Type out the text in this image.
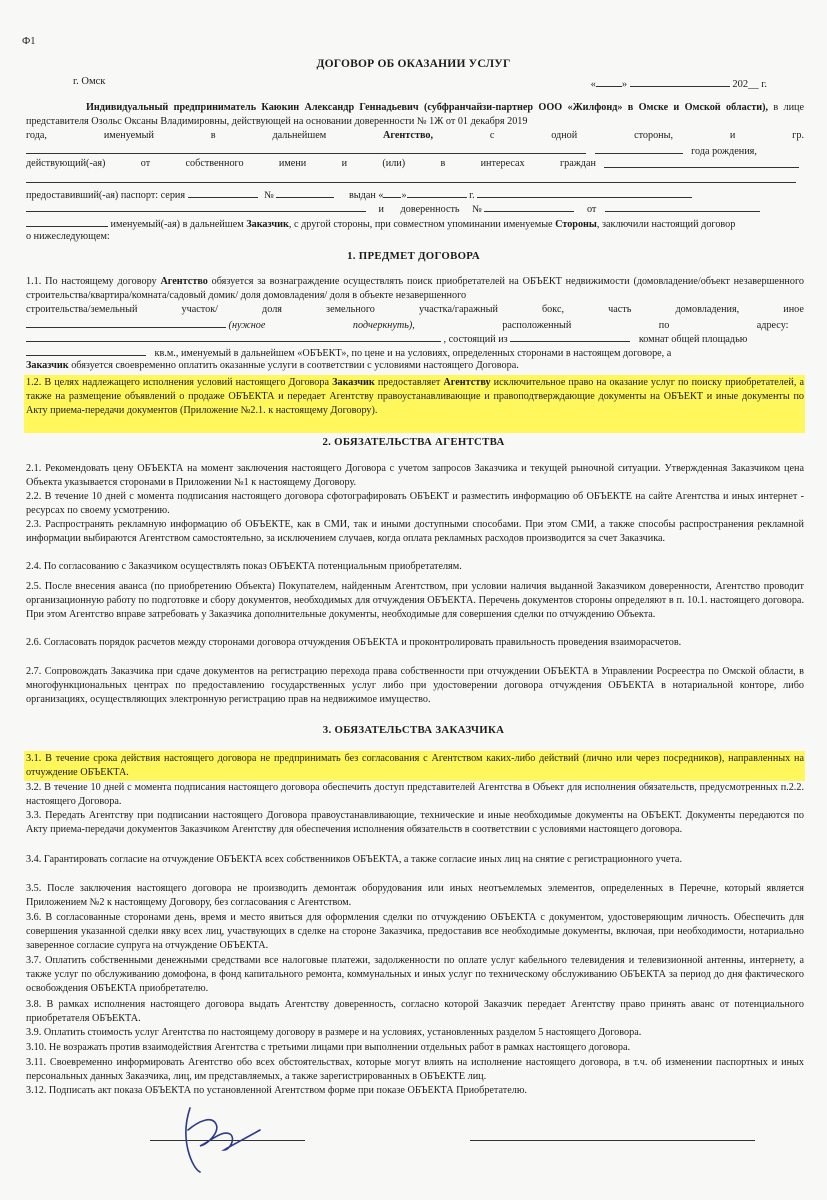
Ф1
ДОГОВОР ОБ ОКАЗАНИИ УСЛУГ
г. Омск	« »	202__ г.
Индивидуальный предприниматель Каюкин Александр Геннадьевич (субфранчайзи-партнер ООО «Жилфонд» в Омске и Омской области), в лице представителя Озольс Оксаны Владимировны, действующей на основании доверенности № 1Ж от 01 декабря 2019
года,	именуемый	в	дальнейшем	Агентство,	с	одной	стороны,	и	гр.
года рождения,
действующий(-ая)	от	собственного	имени	и	(или)	в	интересах	граждан
предоставивший(-ая) паспорт: серия	№	выдан « »	г.
и доверенность №	от
именуемый(-ая) в дальнейшем Заказчик, с другой стороны, при совместном упоминании именуемые Стороны, заключили настоящий договор
о нижеследующем:
1. ПРЕДМЕТ ДОГОВОРА
1.1. По настоящему договору Агентство обязуется за вознаграждение осуществлять поиск приобретателей на ОБЪЕКТ недвижимости (домовладение/объект незавершенного строительства/квартира/комната/садовый домик/ доля домовладения/ доля в объекте незавершенного
строительства/земельный	участок/	доля	земельного	участка/гаражный	бокс,	часть	домовладения,	иное

(нужное	подчеркнуть),	расположенный	по	адресу:
, состоящий из	комнат общей площадью
кв.м., именуемый в дальнейшем «ОБЪЕКТ», по цене и на условиях, определенных сторонами в настоящем договоре, а
Заказчик обязуется своевременно оплатить оказанные услуги в соответствии с условиями настоящего Договора.
1.2. В целях надлежащего исполнения условий настоящего Договора Заказчик предоставляет Агентству исключительное право на оказание услуг по поиску приобретателей, а также на размещение объявлений о продаже ОБЪЕКТА и передает Агентству правоустанавливающие и правоподтверждающие документы на ОБЪЕКТ и иные документы по Акту приема-передачи документов (Приложение №2.1. к настоящему Договору).
2. ОБЯЗАТЕЛЬСТВА АГЕНТСТВА
2.1. Рекомендовать цену ОБЪЕКТА на момент заключения настоящего Договора с учетом запросов Заказчика и текущей рыночной ситуации. Утвержденная Заказчиком цена Объекта указывается сторонами в Приложении №1 к настоящему Договору.
2.2. В течение 10 дней с момента подписания настоящего договора сфотографировать ОБЪЕКТ и разместить информацию об ОБЪЕКТЕ на сайте Агентства и иных интернет - ресурсах по своему усмотрению.
2.3. Распространять рекламную информацию об ОБЪЕКТЕ, как в СМИ, так и иными доступными способами. При этом СМИ, а также способы распространения рекламной информации выбираются Агентством самостоятельно, за исключением случаев, когда оплата рекламных расходов производится за счет Заказчика.
2.4. По согласованию с Заказчиком осуществлять показ ОБЪЕКТА потенциальным приобретателям.
2.5. После внесения аванса (по приобретению Объекта) Покупателем, найденным Агентством, при условии наличия выданной Заказчиком доверенности, Агентство проводит организационную работу по подготовке и сбору документов, необходимых для отчуждения ОБЪЕКТА. Перечень документов стороны определяют в п. 10.1. настоящего договора. При этом Агентство вправе затребовать у Заказчика дополнительные документы, необходимые для совершения сделки по отчуждению Объекта.
2.6. Согласовать порядок расчетов между сторонами договора отчуждения ОБЪЕКТА и проконтролировать правильность проведения взаиморасчетов.
2.7. Сопровождать Заказчика при сдаче документов на регистрацию перехода права собственности при отчуждении ОБЪЕКТА в Управлении Росреестра по Омской области, в многофункциональных центрах по предоставлению государственных услуг либо при удостоверении договора отчуждения ОБЪЕКТА в нотариальной конторе, либо организациях, осуществляющих электронную регистрацию прав на недвижимое имущество.
3. ОБЯЗАТЕЛЬСТВА ЗАКАЗЧИКА
3.1. В течение срока действия настоящего договора не предпринимать без согласования с Агентством каких-либо действий (лично или через посредников), направленных на отчуждение ОБЪЕКТА.
3.2. В течение 10 дней с момента подписания настоящего договора обеспечить доступ представителей Агентства в Объект для исполнения обязательств, предусмотренных п.2.2. настоящего Договора.
3.3. Передать Агентству при подписании настоящего Договора правоустанавливающие, технические и иные необходимые документы на ОБЪЕКТ. Документы передаются по Акту приема-передачи документов Заказчиком Агентству для обеспечения исполнения обязательств в соответствии с условиями настоящего договора.
3.4. Гарантировать согласие на отчуждение ОБЪЕКТА всех собственников ОБЪЕКТА, а также согласие иных лиц на снятие с регистрационного учета.
3.5. После заключения настоящего договора не производить демонтаж оборудования или иных неотъемлемых элементов, определенных в Перечне, который является Приложением №2 к настоящему Договору, без согласования с Агентством.
3.6. В согласованные сторонами день, время и место явиться для оформления сделки по отчуждению ОБЪЕКТА с документом, удостоверяющим личность. Обеспечить для совершения указанной сделки явку всех лиц, участвующих в сделке на стороне Заказчика, предоставив все необходимые документы, включая, при необходимости, нотариально заверенное согласие супруга на отчуждение ОБЪЕКТА.
3.7. Оплатить собственными денежными средствами все налоговые платежи, задолженности по оплате услуг кабельного телевидения и телевизионной антенны, интернету, а также услуг по обслуживанию домофона, в фонд капитального ремонта, коммунальных и иных услуг по техническому обслуживанию ОБЪЕКТА за период до дня фактического освобождения ОБЪЕКТА приобретателю.
3.8. В рамках исполнения настоящего договора выдать Агентству доверенность, согласно которой Заказчик передает Агентству право принять аванс от потенциального приобретателя ОБЪЕКТА.
3.9. Оплатить стоимость услуг Агентства по настоящему договору в размере и на условиях, установленных разделом 5 настоящего Договора.
3.10. Не возражать против взаимодействия Агентства с третьими лицами при выполнении отдельных работ в рамках настоящего договора.
3.11. Своевременно информировать Агентство обо всех обстоятельствах, которые могут влиять на исполнение настоящего договора, в т.ч. об изменении паспортных и иных персональных данных Заказчика, лиц, им представляемых, а также зарегистрированных в ОБЪЕКТЕ лиц.
3.12. Подписать акт показа ОБЪЕКТА по установленной Агентством форме при показе ОБЪЕКТА Приобретателю.
